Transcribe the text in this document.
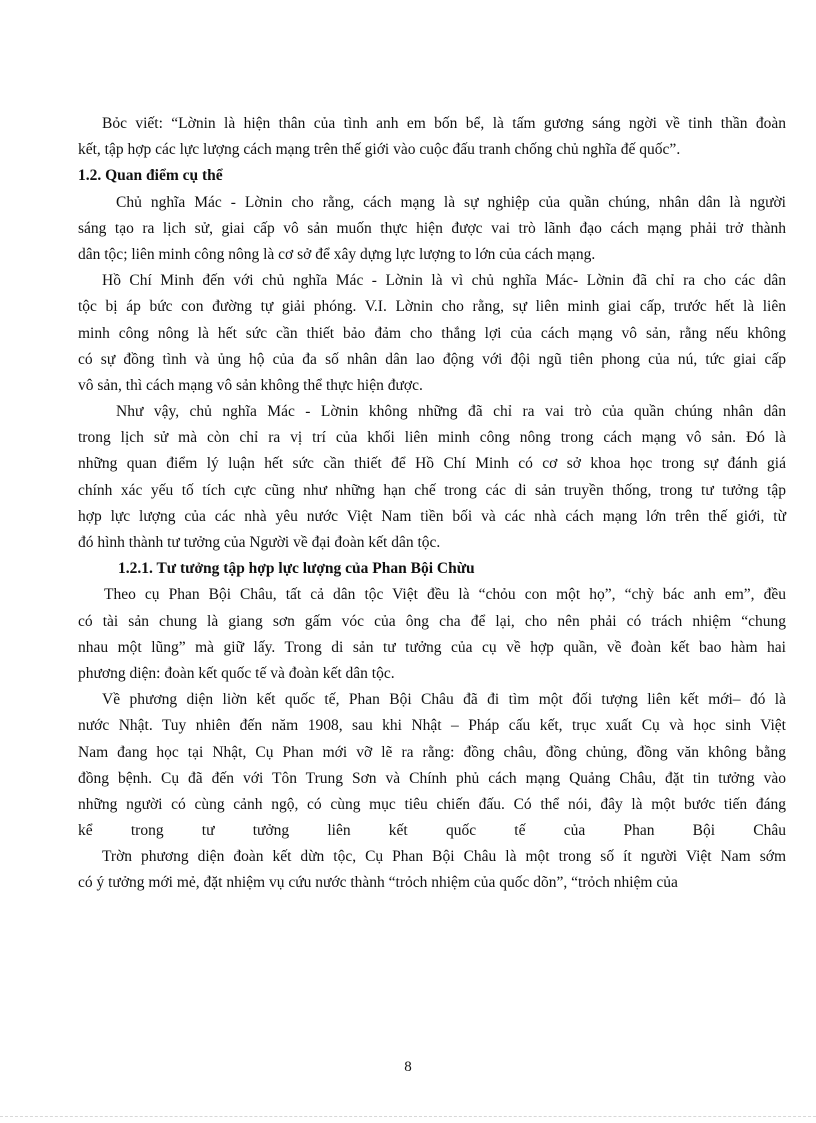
Bỏc viết: “Lờnin là hiện thân của tình anh em bốn bể, là tấm gương sáng ngời về tinh thần đoàn
kết, tập hợp các lực lượng cách mạng trên thế giới vào cuộc đấu tranh chống chủ nghĩa đế quốc”.
1.2. Quan điểm cụ thể
Chủ nghĩa Mác - Lờnin cho rằng, cách mạng là sự nghiệp của quần chúng, nhân dân là người
sáng tạo ra lịch sử, giai cấp vô sản muốn thực hiện được vai trò lãnh đạo cách mạng phải trở thành
dân tộc; liên minh công nông là cơ sở để xây dựng lực lượng to lớn của cách mạng.
Hồ Chí Minh đến với chủ nghĩa Mác - Lờnin là vì chủ nghĩa Mác- Lờnin đã chỉ ra cho các dân
tộc bị áp bức con đường tự giải phóng. V.I. Lờnin cho rằng, sự liên minh giai cấp, trước hết là liên
minh công nông là hết sức cần thiết bảo đảm cho thắng lợi của cách mạng vô sản, rằng nếu không
có sự đồng tình và ủng hộ của đa số nhân dân lao động với đội ngũ tiên phong của nú, tức giai cấp
vô sản, thì cách mạng vô sản không thể thực hiện được.
Như vậy, chủ nghĩa Mác - Lờnin không những đã chỉ ra vai trò của quần chúng nhân dân
trong lịch sử mà còn chỉ ra vị trí của khối liên minh công nông trong cách mạng vô sản. Đó là
những quan điểm lý luận hết sức cần thiết để Hồ Chí Minh có cơ sở khoa học trong sự đánh giá
chính xác yếu tố tích cực cũng như những hạn chế trong các di sản truyền thống, trong tư tưởng tập
hợp lực lượng của các nhà yêu nước Việt Nam tiền bối và các nhà cách mạng lớn trên thế giới, từ
đó hình thành tư tưởng của Người về đại đoàn kết dân tộc.
1.2.1. Tư tưởng tập hợp lực lượng của Phan Bội Chừu
Theo cụ Phan Bội Châu, tất cả dân tộc Việt đều là “chỏu con một họ”, “chỳ bác anh em”, đều
có tài sản chung là giang sơn gấm vóc của ông cha để lại, cho nên phải có trách nhiệm “chung
nhau một lũng” mà giữ lấy. Trong di sản tư tưởng của cụ về hợp quần, về đoàn kết bao hàm hai
phương diện: đoàn kết quốc tế và đoàn kết dân tộc.
Về phương diện liờn kết quốc tế, Phan Bội Châu đã đi tìm một đối tượng liên kết mới– đó là
nước Nhật. Tuy nhiên đến năm 1908, sau khi Nhật – Pháp cấu kết, trục xuất Cụ và học sinh Việt
Nam đang học tại Nhật, Cụ Phan mới vỡ lẽ ra rằng: đồng châu, đồng chủng, đồng văn không bằng
đồng bệnh. Cụ đã đến với Tôn Trung Sơn và Chính phủ cách mạng Quảng Châu, đặt tin tưởng vào
những người có cùng cảnh ngộ, có cùng mục tiêu chiến đấu. Có thể nói, đây là một bước tiến đáng
kể trong tư tưởng liên kết quốc tế của Phan Bội Châu
Trờn phương diện đoàn kết dừn tộc, Cụ Phan Bội Châu là một trong số ít người Việt Nam sớm
có ý tưởng mới mẻ, đặt nhiệm vụ cứu nước thành “trỏch nhiệm của quốc dõn”, “trỏch nhiệm của
8
